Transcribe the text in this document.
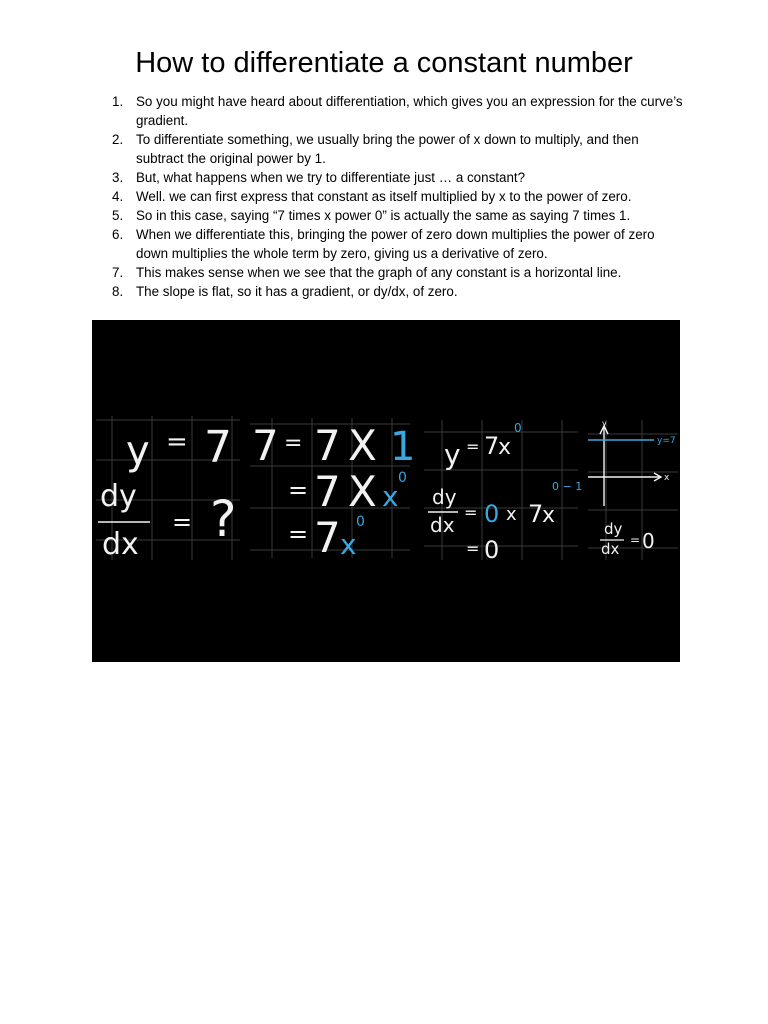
How to differentiate a constant number
1. So you might have heard about differentiation, which gives you an expression for the curve’s gradient.
2. To differentiate something, we usually bring the power of x down to multiply, and then subtract the original power by 1.
3. But, what happens when we try to differentiate just … a constant?
4. Well. we can first express that constant as itself multiplied by x to the power of zero.
5. So in this case, saying “7 times x power 0” is actually the same as saying 7 times 1.
6. When we differentiate this, bringing the power of zero down multiplies the power of zero down multiplies the whole term by zero, giving us a derivative of zero.
7. This makes sense when we see that the graph of any constant is a horizontal line.
8. The slope is flat, so it has a gradient, or dy/dx, of zero.
y = 7
dy
dx
= ?
7 = 7 X 1
= 7 X x
0
= 7 x
0
y = 7
x
0
dy
dx
= 0 x 7
x
0 − 1
= 0
y
x
y=7
dy
dx = 0
